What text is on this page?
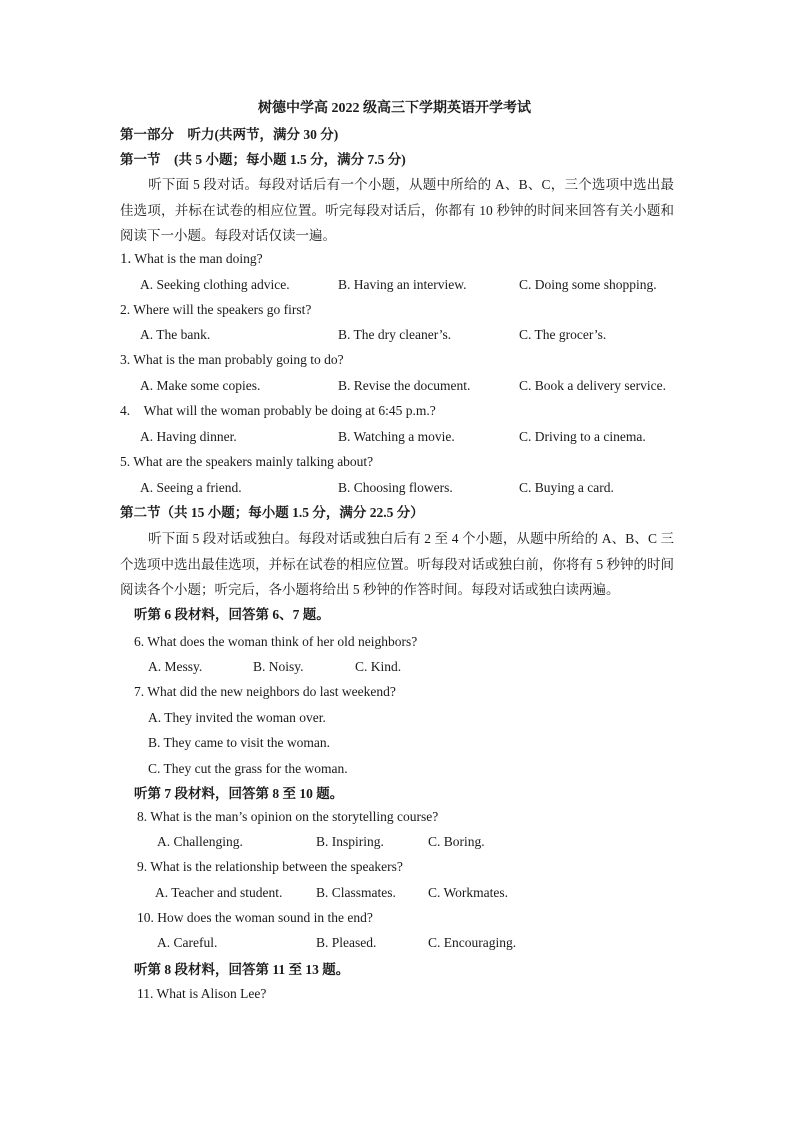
树德中学高 2022 级高三下学期英语开学考试
第一部分　听力(共两节，满分 30 分)
第一节　(共 5 小题；每小题 1.5 分，满分 7.5 分)
听下面 5 段对话。每段对话后有一个小题，从题中所给的 A、B、C，三个选项中选出最佳选项，并标在试卷的相应位置。听完每段对话后，你都有 10 秒钟的时间来回答有关小题和阅读下一小题。每段对话仅读一遍。
1. What is the man doing?
A. Seeking clothing advice.	B. Having an interview.	C. Doing some shopping.
2. Where will the speakers go first?
A. The bank.	B. The dry cleaner’s.	C. The grocer’s.
3. What is the man probably going to do?
A. Make some copies.	B. Revise the document.	C. Book a delivery service.
4. What will the woman probably be doing at 6:45 p.m.?
A. Having dinner.	B. Watching a movie.	C. Driving to a cinema.
5. What are the speakers mainly talking about?
A. Seeing a friend.	B. Choosing flowers.	C. Buying a card.
第二节（共 15 小题；每小题 1.5 分，满分 22.5 分）
听下面 5 段对话或独白。每段对话或独白后有 2 至 4 个小题，从题中所给的 A、B、C 三个选项中选出最佳选项，并标在试卷的相应位置。听每段对话或独白前，你将有 5 秒钟的时间阅读各个小题；听完后，各小题将给出 5 秒钟的作答时间。每段对话或独白读两遍。
听第 6 段材料，回答第 6、7 题。
6. What does the woman think of her old neighbors?
A. Messy.	B. Noisy.	C. Kind.
7. What did the new neighbors do last weekend?
A. They invited the woman over.
B. They came to visit the woman.
C. They cut the grass for the woman.
听第 7 段材料，回答第 8 至 10 题。
8. What is the man’s opinion on the storytelling course?
A. Challenging.	B. Inspiring.	C. Boring.
9. What is the relationship between the speakers?
A. Teacher and student. B. Classmates. C. Workmates.
10. How does the woman sound in the end?
A. Careful.	B. Pleased.	C. Encouraging.
听第 8 段材料，回答第 11 至 13 题。
11. What is Alison Lee?
